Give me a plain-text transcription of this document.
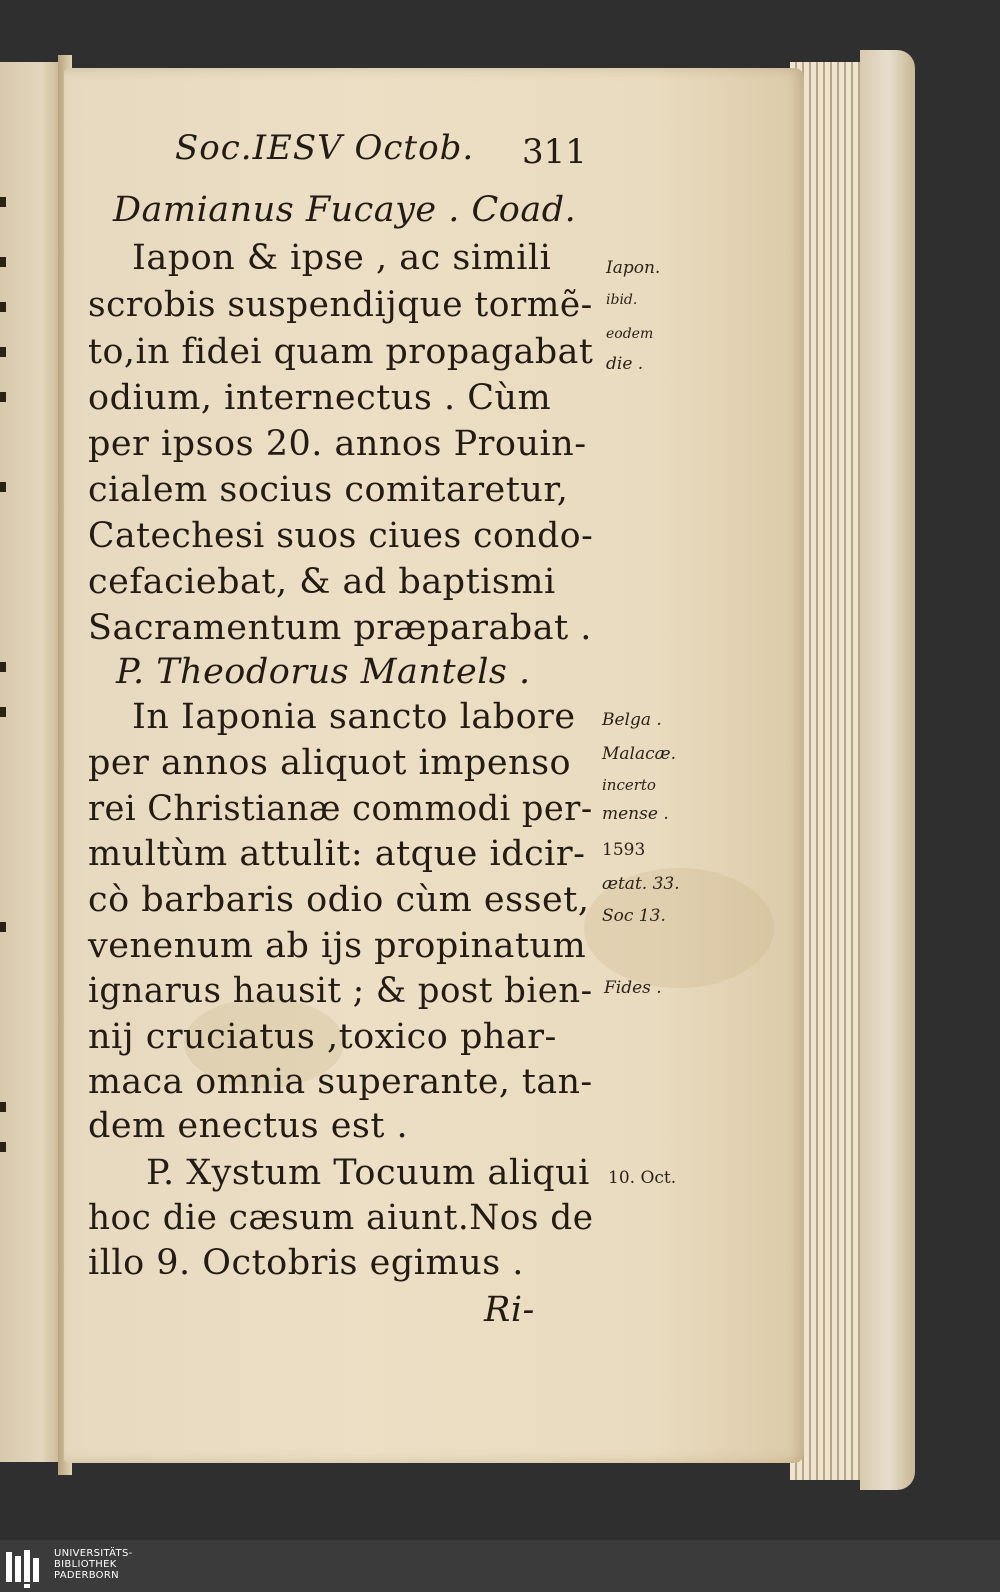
Soc.IESV Octob. 311
Damianus Fucaye . Coad.
Iapon & ipse , ac simili
scrobis suspendijque tormẽ-
to,in fidei quam propagabat
odium, internectus . Cùm
per ipsos 20. annos Prouin-
cialem socius comitaretur,
Catechesi suos ciues condo-
cefaciebat, & ad baptismi
Sacramentum præparabat .
P. Theodorus Mantels .
In Iaponia sancto labore
per annos aliquot impenso
rei Christianæ commodi per-
multùm attulit: atque idcir-
cò barbaris odio cùm esset,
venenum ab ijs propinatum
ignarus hausit ; & post bien-
nij cruciatus ,toxico phar-
maca omnia superante, tan-
dem enectus est .
P. Xystum Tocuum aliqui
hoc die cæsum aiunt.Nos de
illo 9. Octobris egimus .
Ri-
Iapon.
ibid.
eodem
die .
Belga .
Malacæ.
incerto
mense .
1593
ætat. 33.
Soc 13.
Fides .
10. Oct.
UNIVERSITÄTS-
BIBLIOTHEK
PADERBORN
